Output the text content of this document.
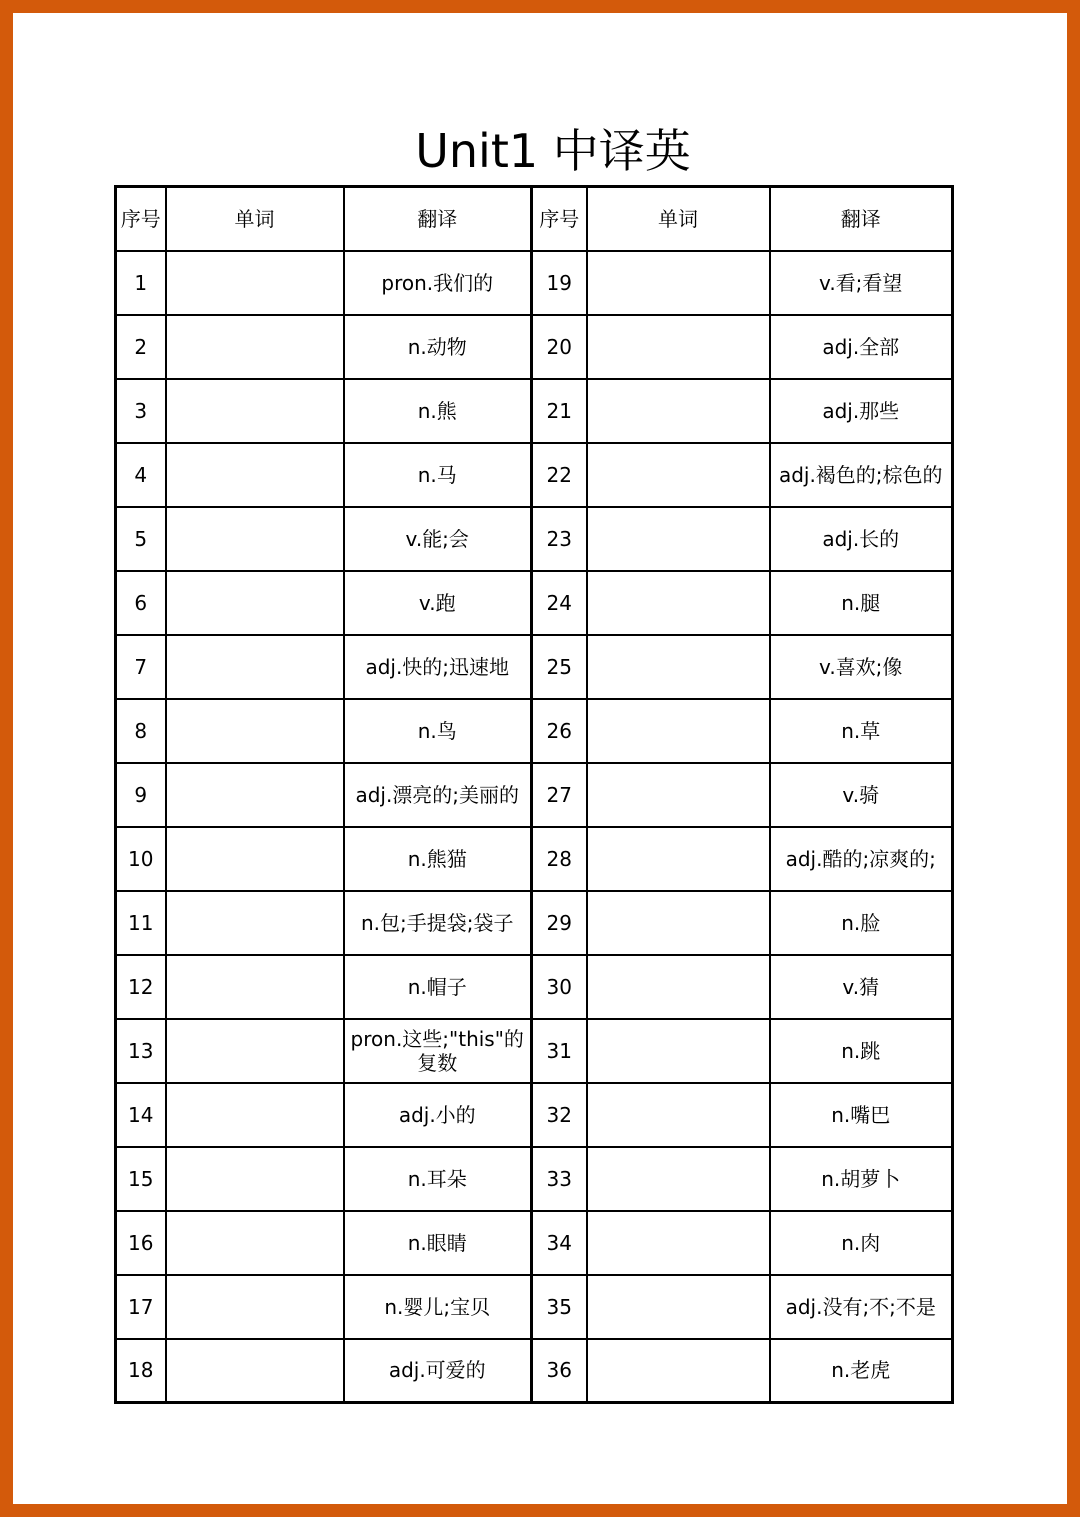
Unit1 中译英
序号	单词	翻译
1		pron.我们的
2		n.动物
3		n.熊
4		n.马
5		v.能;会
6		v.跑
7		adj.快的;迅速地
8		n.鸟
9		adj.漂亮的;美丽的
10		n.熊猫
11		n.包;手提袋;袋子
12		n.帽子
13		pron.这些;"this"的复数
14		adj.小的
15		n.耳朵
16		n.眼睛
17		n.婴儿;宝贝
18		adj.可爱的
序号	单词	翻译
19		v.看;看望
20		adj.全部
21		adj.那些
22		adj.褐色的;棕色的
23		adj.长的
24		n.腿
25		v.喜欢;像
26		n.草
27		v.骑
28		adj.酷的;凉爽的;
29		n.脸
30		v.猜
31		n.跳
32		n.嘴巴
33		n.胡萝卜
34		n.肉
35		adj.没有;不;不是
36		n.老虎
